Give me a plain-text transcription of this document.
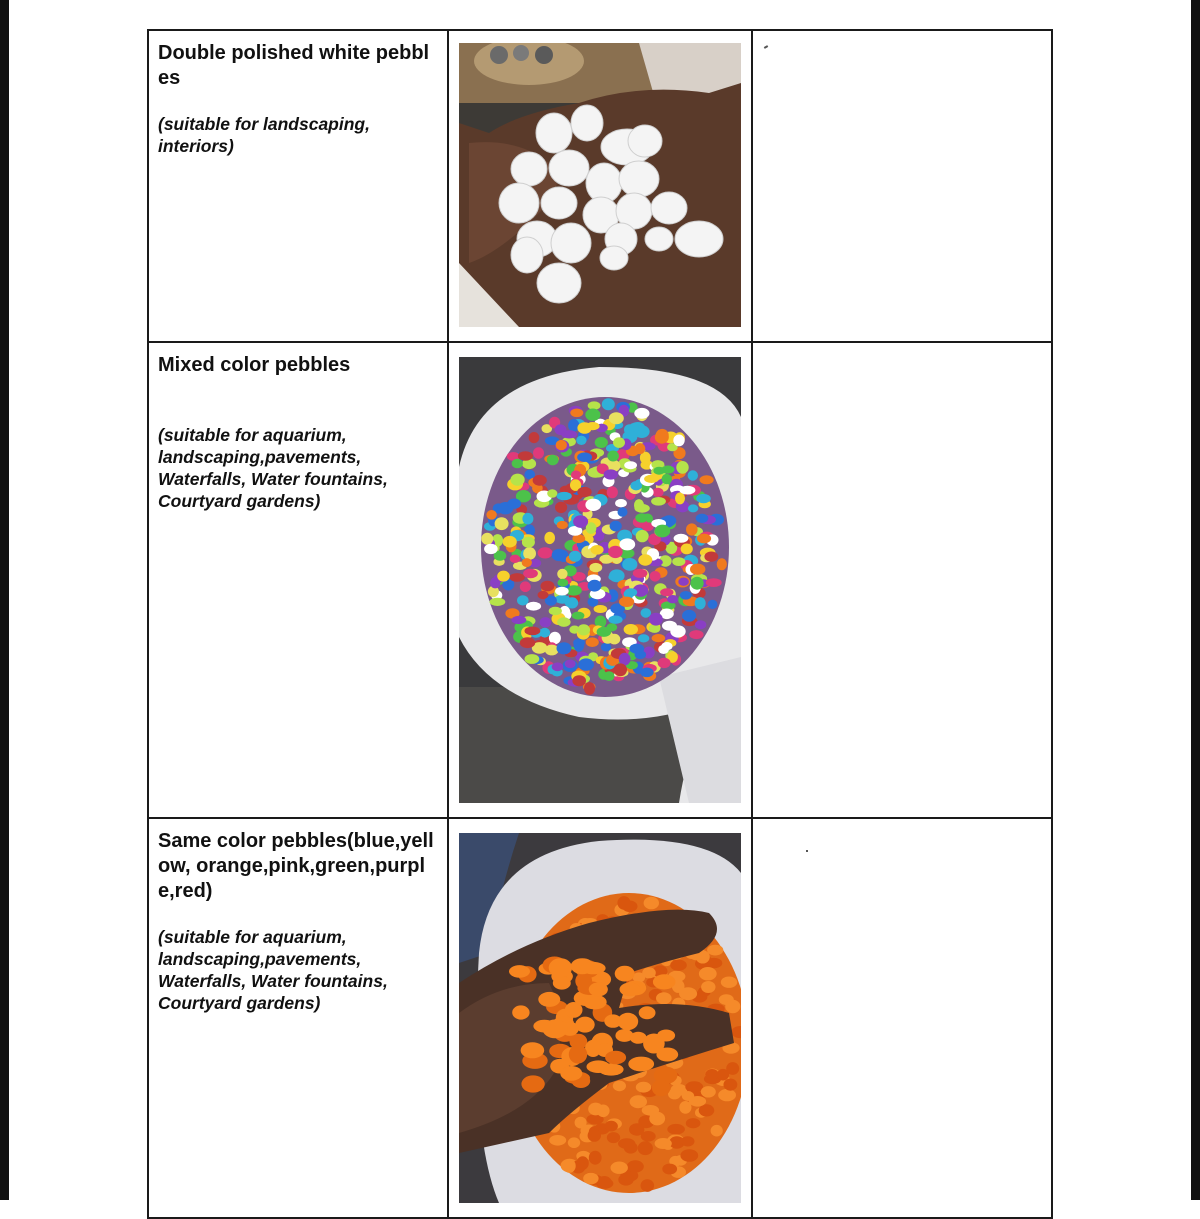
Double polished white pebbles

(suitable for landscaping, interiors)

Mixed color pebbles

(suitable for aquarium, landscaping,pavements, Waterfalls, Water fountains, Courtyard gardens)

Same color pebbles(blue,yellow, orange,pink,green,purple,red)

(suitable for aquarium, landscaping,pavements, Waterfalls, Water fountains, Courtyard gardens)
